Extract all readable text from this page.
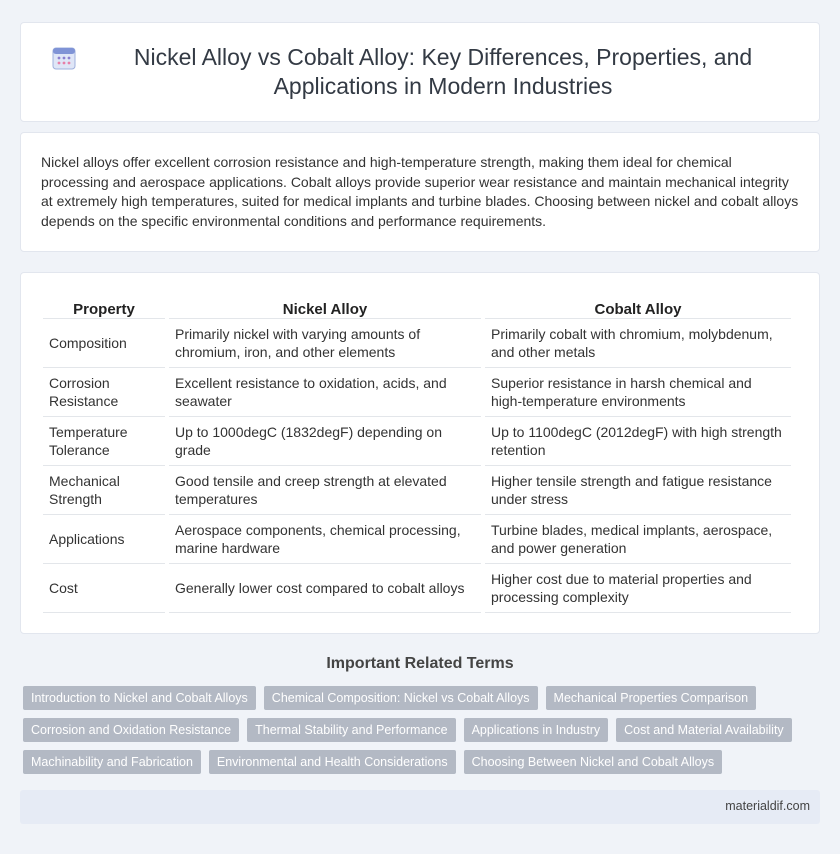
Nickel Alloy vs Cobalt Alloy: Key Differences, Properties, and Applications in Modern Industries

Nickel alloys offer excellent corrosion resistance and high-temperature strength, making them ideal for chemical processing and aerospace applications. Cobalt alloys provide superior wear resistance and maintain mechanical integrity at extremely high temperatures, suited for medical implants and turbine blades. Choosing between nickel and cobalt alloys depends on the specific environmental conditions and performance requirements.

Property	Nickel Alloy	Cobalt Alloy
Composition	Primarily nickel with varying amounts of chromium, iron, and other elements	Primarily cobalt with chromium, molybdenum, and other metals
Corrosion Resistance	Excellent resistance to oxidation, acids, and seawater	Superior resistance in harsh chemical and high-temperature environments
Temperature Tolerance	Up to 1000degC (1832degF) depending on grade	Up to 1100degC (2012degF) with high strength retention
Mechanical Strength	Good tensile and creep strength at elevated temperatures	Higher tensile strength and fatigue resistance under stress
Applications	Aerospace components, chemical processing, marine hardware	Turbine blades, medical implants, aerospace, and power generation
Cost	Generally lower cost compared to cobalt alloys	Higher cost due to material properties and processing complexity
Important Related Terms
Introduction to Nickel and Cobalt Alloys	Chemical Composition: Nickel vs Cobalt Alloys	Mechanical Properties Comparison
Corrosion and Oxidation Resistance	Thermal Stability and Performance	Applications in Industry	Cost and Material Availability
Machinability and Fabrication	Environmental and Health Considerations	Choosing Between Nickel and Cobalt Alloys
materialdif.com
